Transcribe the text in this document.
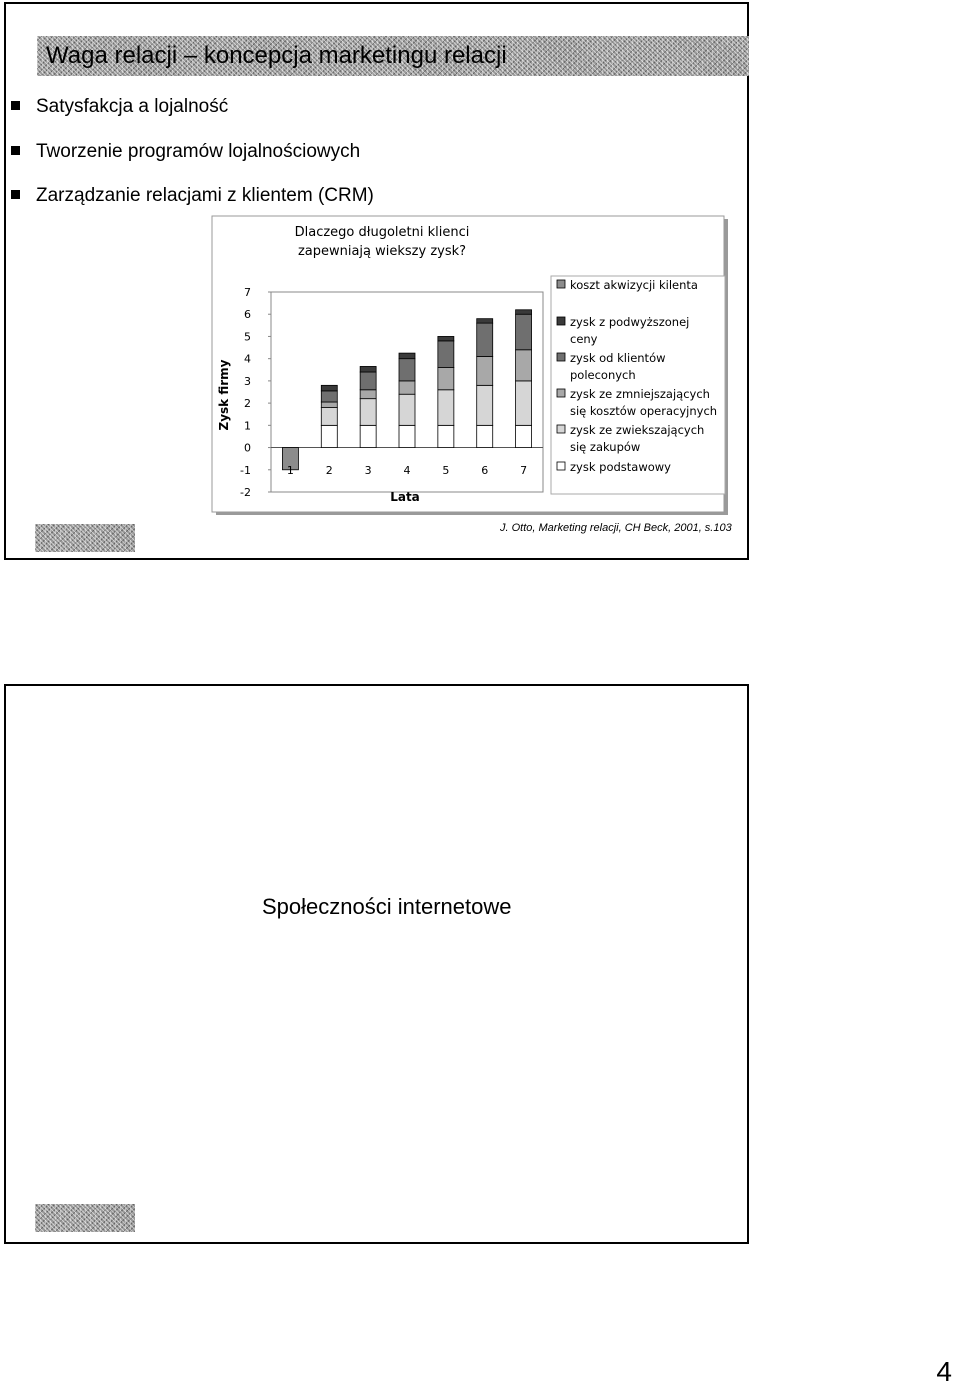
Waga relacji – koncepcja marketingu relacji
Satysfakcja a lojalność
Tworzenie programów lojalnościowych
Zarządzanie relacjami z klientem (CRM)
Dlaczego długoletni klienci
zapewniają wiekszy zysk?
7
6
5
4
3
2
1
0
-1
-2
Zysk firmy
1	2	3	4	5	6	7
Lata
koszt akwizycji kilenta
zysk z podwyższonej
ceny
zysk od klientów
poleconych
zysk ze zmniejszających
się kosztów operacyjnych
zysk ze zwiekszających
się zakupów
zysk podstawowy
J. Otto, Marketing relacji, CH Beck, 2001, s.103
Społeczności internetowe
4
